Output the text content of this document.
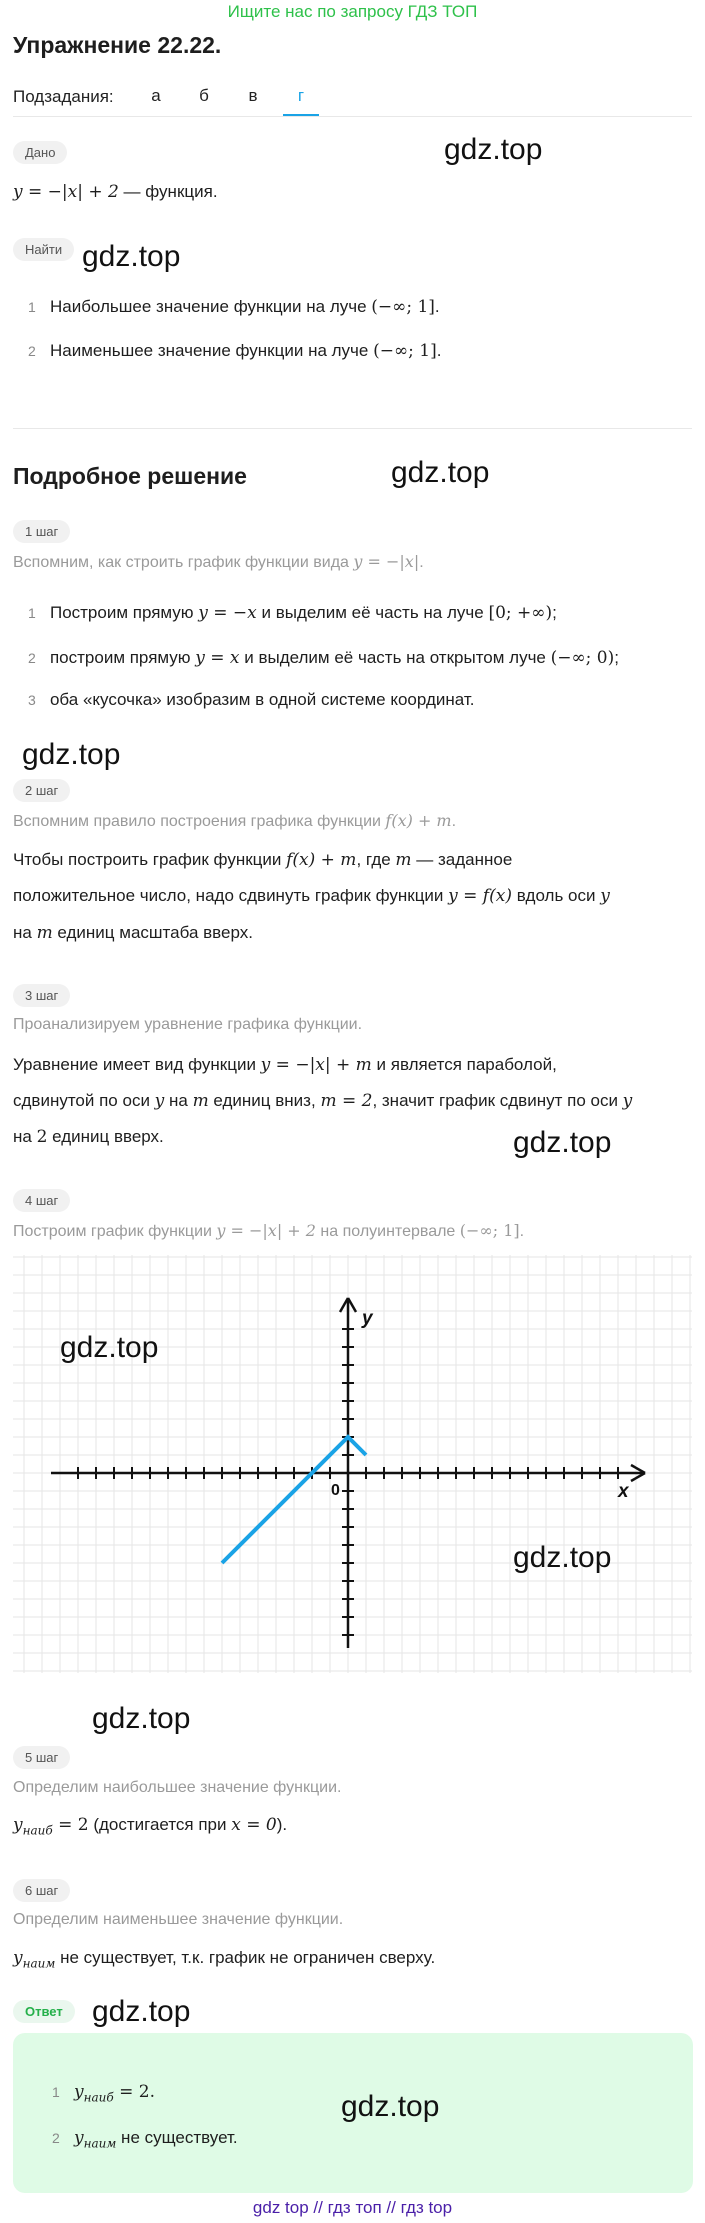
Ищите нас по запросу ГДЗ ТОП
Упражнение 22.22.
Подзадания:	а	б	в	г
Дано	gdz.top
y = −|x| + 2 — функция.
Найти gdz.top
1 Наибольшее значение функции на луче (−∞; 1].
2 Наименьшее значение функции на луче (−∞; 1].
Подробное решение	gdz.top
1 шаг
Вспомним, как строить график функции вида y = −|x|.
1 Построим прямую y = −x и выделим её часть на луче [0; +∞);
2 построим прямую y = x и выделим её часть на открытом луче (−∞; 0);
3 оба «кусочка» изобразим в одной системе координат.
gdz.top
2 шаг
Вспомним правило построения графика функции f(x) + m.
Чтобы построить график функции f(x) + m, где m — заданное
положительное число, надо сдвинуть график функции y = f(x) вдоль оси y
на m единиц масштаба вверх.
3 шаг
Проанализируем уравнение графика функции.
Уравнение имеет вид функции y = −|x| + m и является параболой,
сдвинутой по оси y на m единиц вниз, m = 2, значит график сдвинут по оси y
на 2 единиц вверх.	gdz.top
4 шаг
Построим график функции y = −|x| + 2 на полуинтервале (−∞; 1].
y
x
0
gdz.top
gdz.top
gdz.top
5 шаг
Определим наибольшее значение функции.
$y_{наиб} = 2$ (достигается при x = 0).
6 шаг
Определим наименьшее значение функции.
$y_{наим}$ не существует, т.к. график не ограничен сверху.
Ответ gdz.top
1 $y_{наиб} = 2$.
2 $y_{наим}$ не существует.
gdz.top
gdz top // гдз топ // гдз top
